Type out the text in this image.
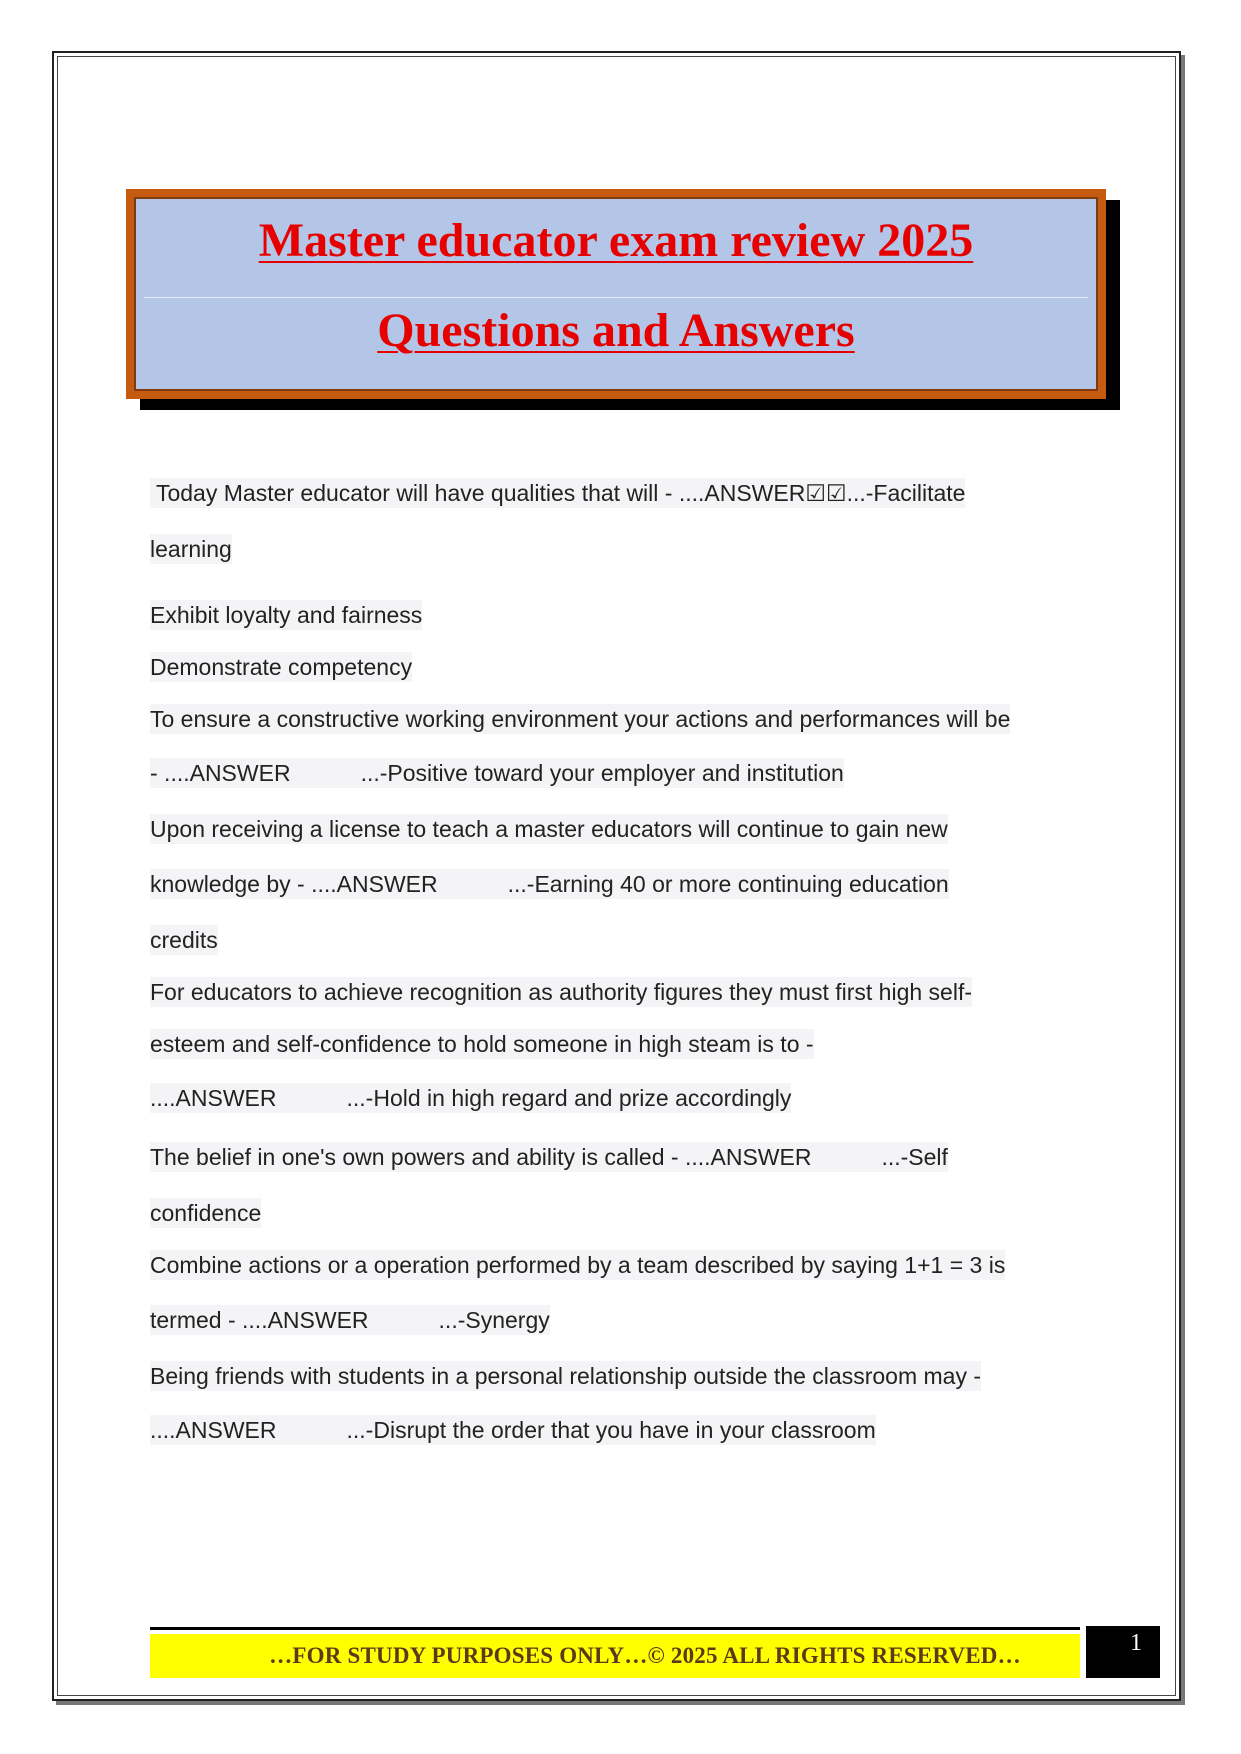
Master educator exam review 2025
Questions and Answers
Today Master educator will have qualities that will - ....ANSWER☑☑...-Facilitate
learning
Exhibit loyalty and fairness
Demonstrate competency
To ensure a constructive working environment your actions and performances will be
- ....ANSWER	...-Positive toward your employer and institution
Upon receiving a license to teach a master educators will continue to gain new
knowledge by - ....ANSWER	...-Earning 40 or more continuing education
credits
For educators to achieve recognition as authority figures they must first high self-
esteem and self-confidence to hold someone in high steam is to -
....ANSWER	...-Hold in high regard and prize accordingly
The belief in one's own powers and ability is called - ....ANSWER	...-Self
confidence
Combine actions or a operation performed by a team described by saying 1+1 = 3 is
termed - ....ANSWER	...-Synergy
Being friends with students in a personal relationship outside the classroom may -
....ANSWER	...-Disrupt the order that you have in your classroom
…FOR STUDY PURPOSES ONLY…© 2025 ALL RIGHTS RESERVED…	1
